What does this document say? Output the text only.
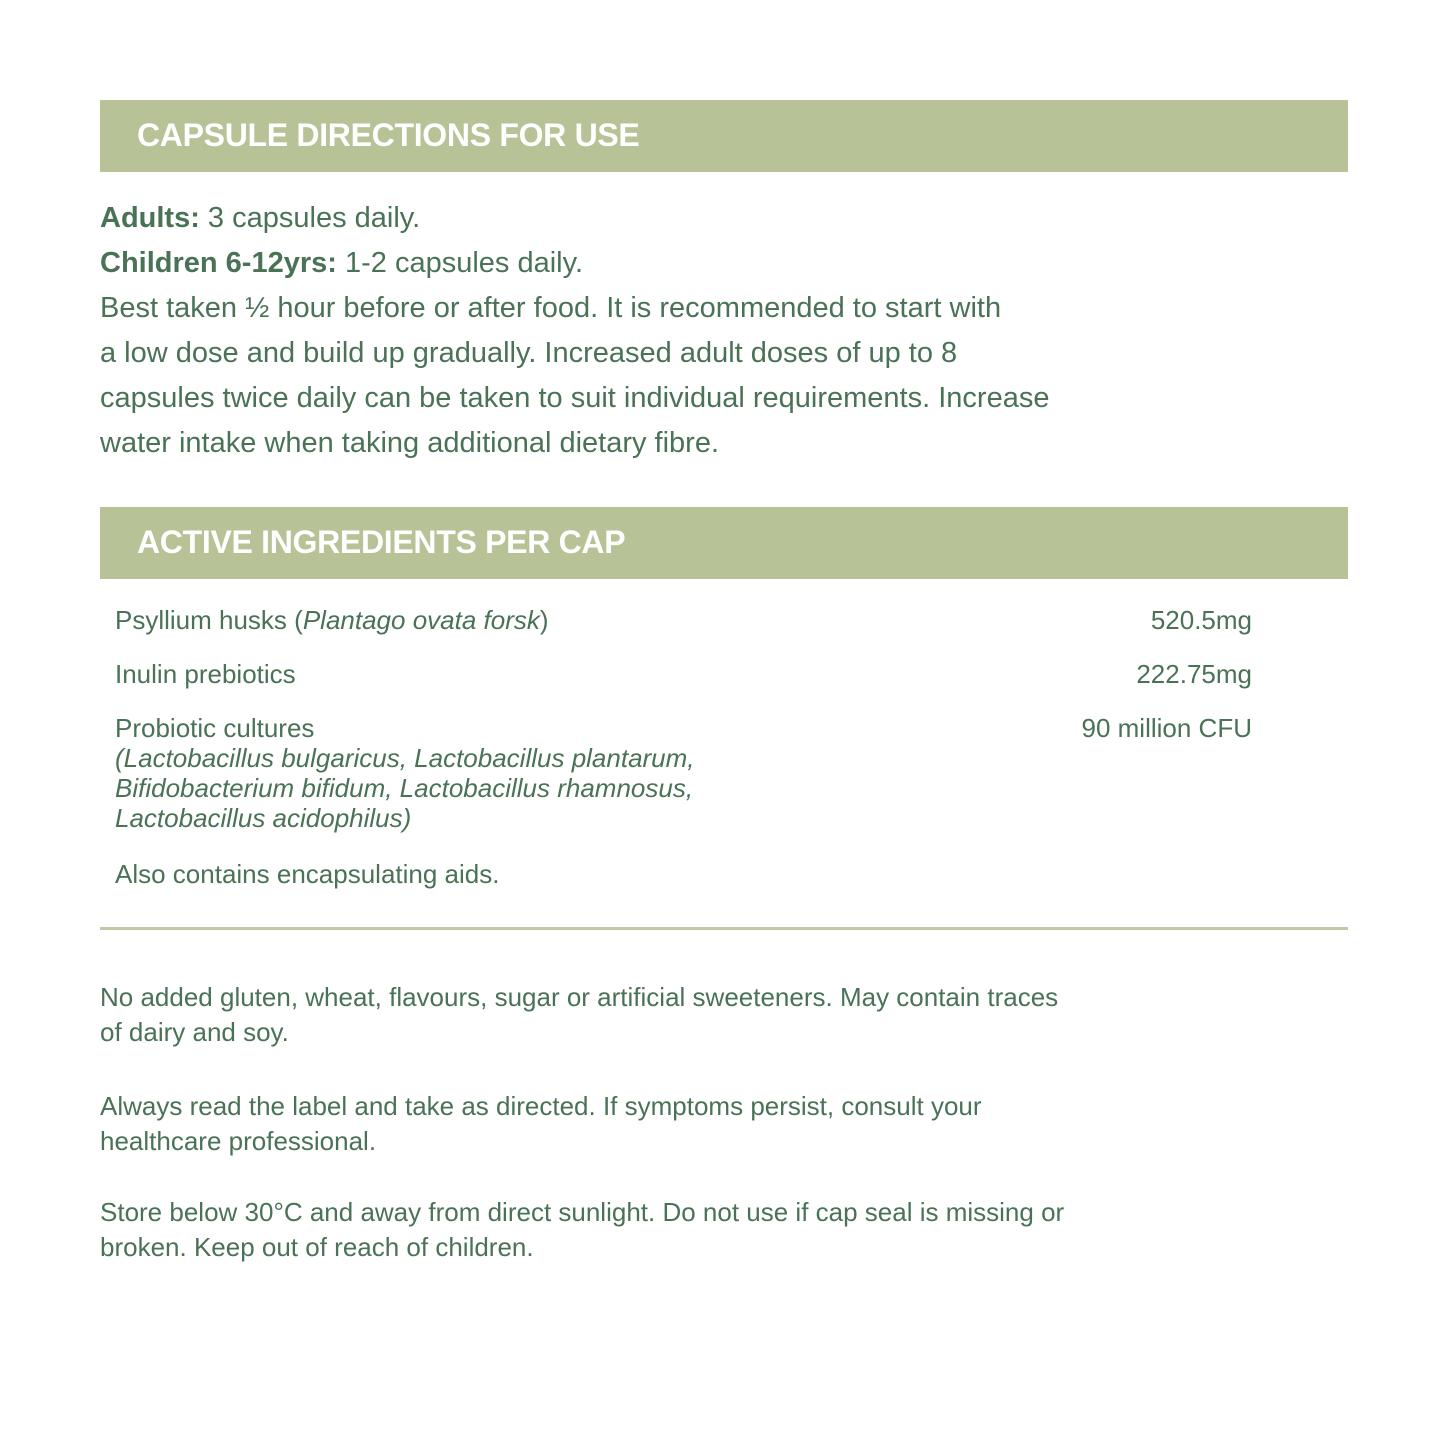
CAPSULE DIRECTIONS FOR USE
Adults: 3 capsules daily.
Children 6-12yrs: 1-2 capsules daily.
Best taken ½ hour before or after food. It is recommended to start with
a low dose and build up gradually. Increased adult doses of up to 8
capsules twice daily can be taken to suit individual requirements. Increase
water intake when taking additional dietary fibre.
ACTIVE INGREDIENTS PER CAP
Psyllium husks (Plantago ovata forsk)	520.5mg
Inulin prebiotics	222.75mg
Probiotic cultures
(Lactobacillus bulgaricus, Lactobacillus plantarum,
Bifidobacterium bifidum, Lactobacillus rhamnosus,
Lactobacillus acidophilus)
90 million CFU
Also contains encapsulating aids.
No added gluten, wheat, flavours, sugar or artificial sweeteners. May contain traces
of dairy and soy.
Always read the label and take as directed. If symptoms persist, consult your
healthcare professional.
Store below 30°C and away from direct sunlight. Do not use if cap seal is missing or
broken. Keep out of reach of children.
